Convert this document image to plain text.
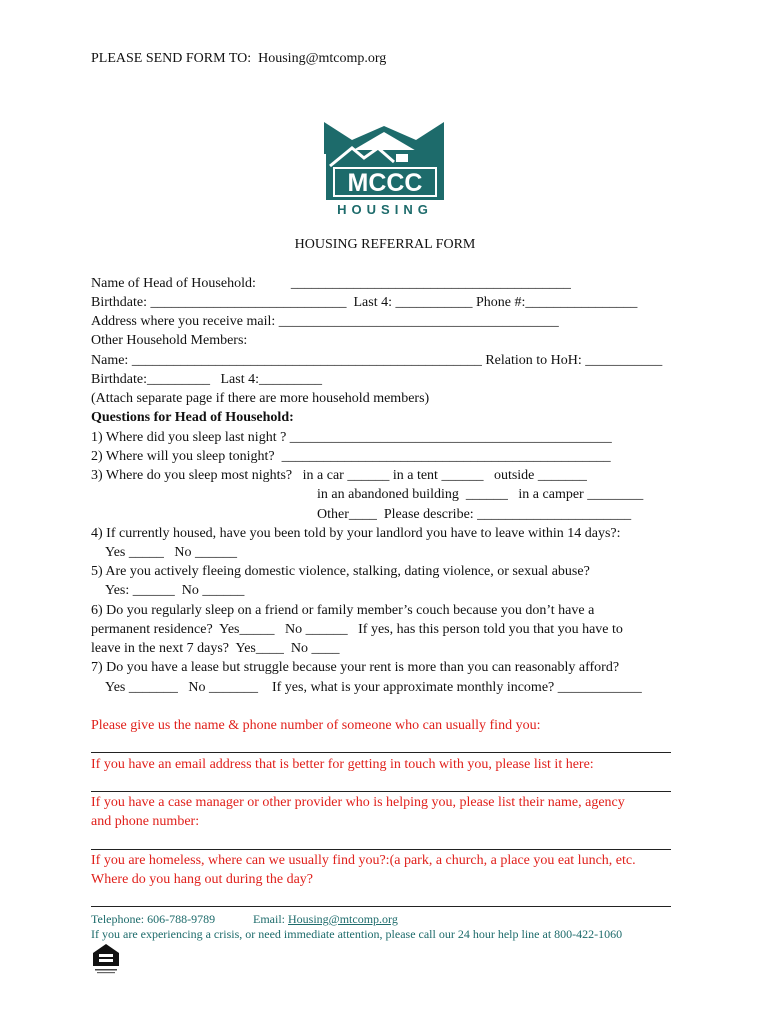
PLEASE SEND FORM TO:  Housing@mtcomp.org
MCCC
HOUSING
HOUSING REFERRAL FORM
Name of Head of Household:          ________________________________________
Birthdate: ____________________________  Last 4: ___________ Phone #:________________
Address where you receive mail: ________________________________________
Other Household Members:
Name: __________________________________________________ Relation to HoH: ___________
Birthdate:_________   Last 4:_________
(Attach separate page if there are more household members)
Questions for Head of Household:
1) Where did you sleep last night ? ______________________________________________
2) Where will you sleep tonight?  _______________________________________________
3) Where do you sleep most nights?   in a car ______ in a tent ______   outside _______
in an abandoned building  ______   in a camper ________
Other____  Please describe: ______________________
4) If currently housed, have you been told by your landlord you have to leave within 14 days?:
Yes _____   No ______
5) Are you actively fleeing domestic violence, stalking, dating violence, or sexual abuse?
Yes: ______  No ______
6) Do you regularly sleep on a friend or family member’s couch because you don’t have a
permanent residence?  Yes_____   No ______   If yes, has this person told you that you have to
leave in the next 7 days?  Yes____  No ____
7) Do you have a lease but struggle because your rent is more than you can reasonably afford?
Yes _______   No _______    If yes, what is your approximate monthly income? ____________
Please give us the name & phone number of someone who can usually find you:
If you have an email address that is better for getting in touch with you, please list it here:
If you have a case manager or other provider who is helping you, please list their name, agency
and phone number:
If you are homeless, where can we usually find you?:(a park, a church, a place you eat lunch, etc.
Where do you hang out during the day?
Telephone: 606-788-9789	Email: Housing@mtcomp.org
If you are experiencing a crisis, or need immediate attention, please call our 24 hour help line at 800-422-1060
